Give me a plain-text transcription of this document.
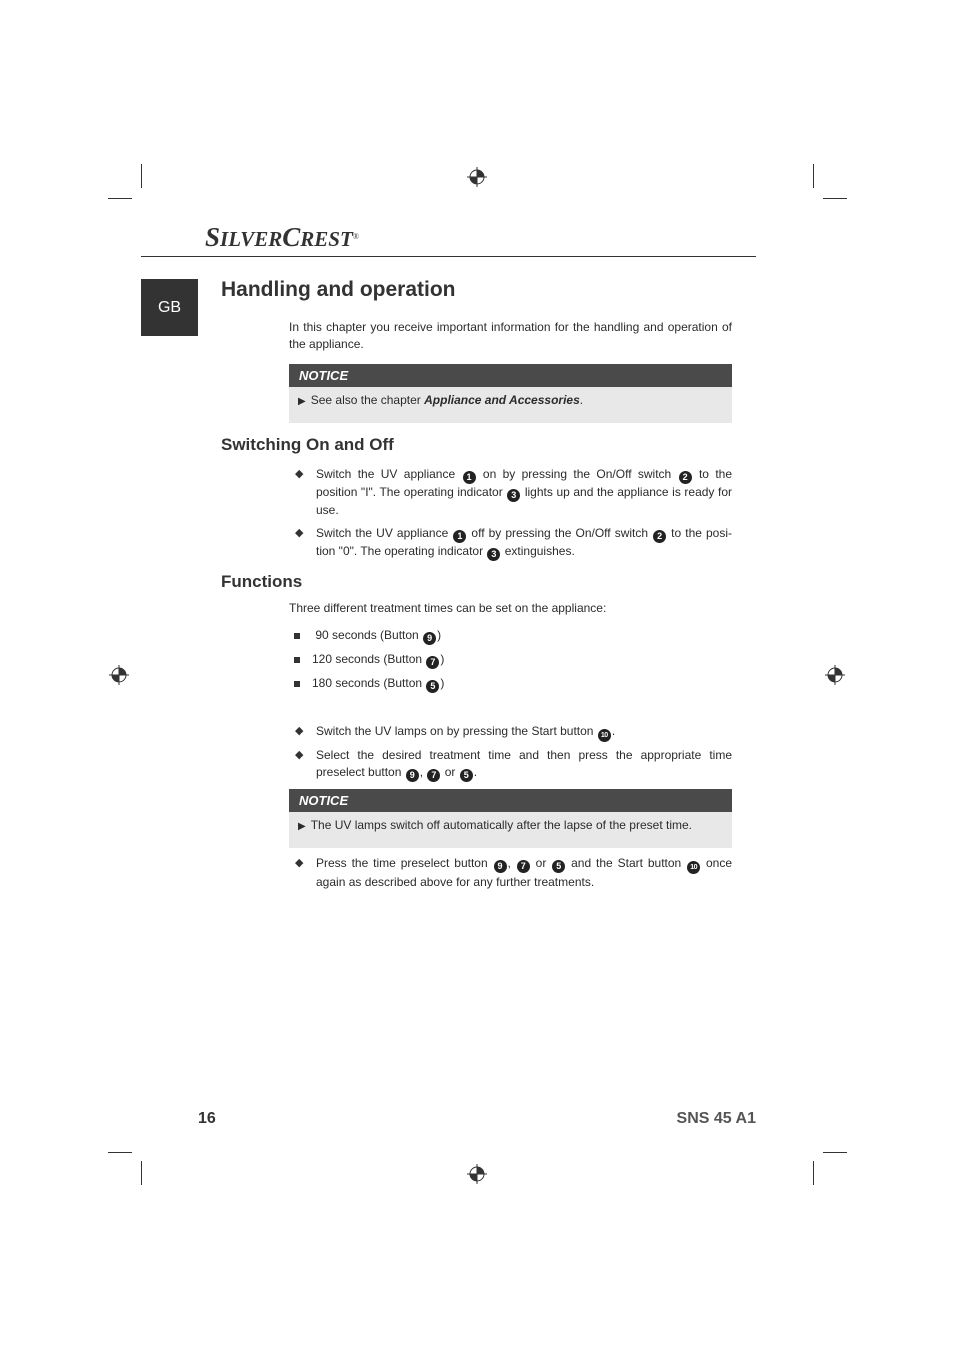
SILVERCREST®
GB
Handling and operation
In this chapter you receive important information for the handling and operation of the appliance.
NOTICE
▶ See also the chapter Appliance and Accessories.
Switching On and Off
◆ Switch the UV appliance 1 on by pressing the On/Off switch 2 to the position "I". The operating indicator 3 lights up and the appliance is ready for use.
◆ Switch the UV appliance 1 off by pressing the On/Off switch 2 to the posi- tion "0". The operating indicator 3 extinguishes.
Functions
Three different treatment times can be set on the appliance:
90 seconds (Button 9 )
120 seconds (Button 7 )
180 seconds (Button 5 )
◆ Switch the UV lamps on by pressing the Start button 10 .
◆ Select the desired treatment time and then press the appropriate time preselect button 9 , 7 or 5 .
NOTICE
▶ The UV lamps switch off automatically after the lapse of the preset time.
◆ Press the time preselect button 9 , 7 or 5 and the Start button 10 once again as described above for any further treatments.
16	SNS 45 A1
